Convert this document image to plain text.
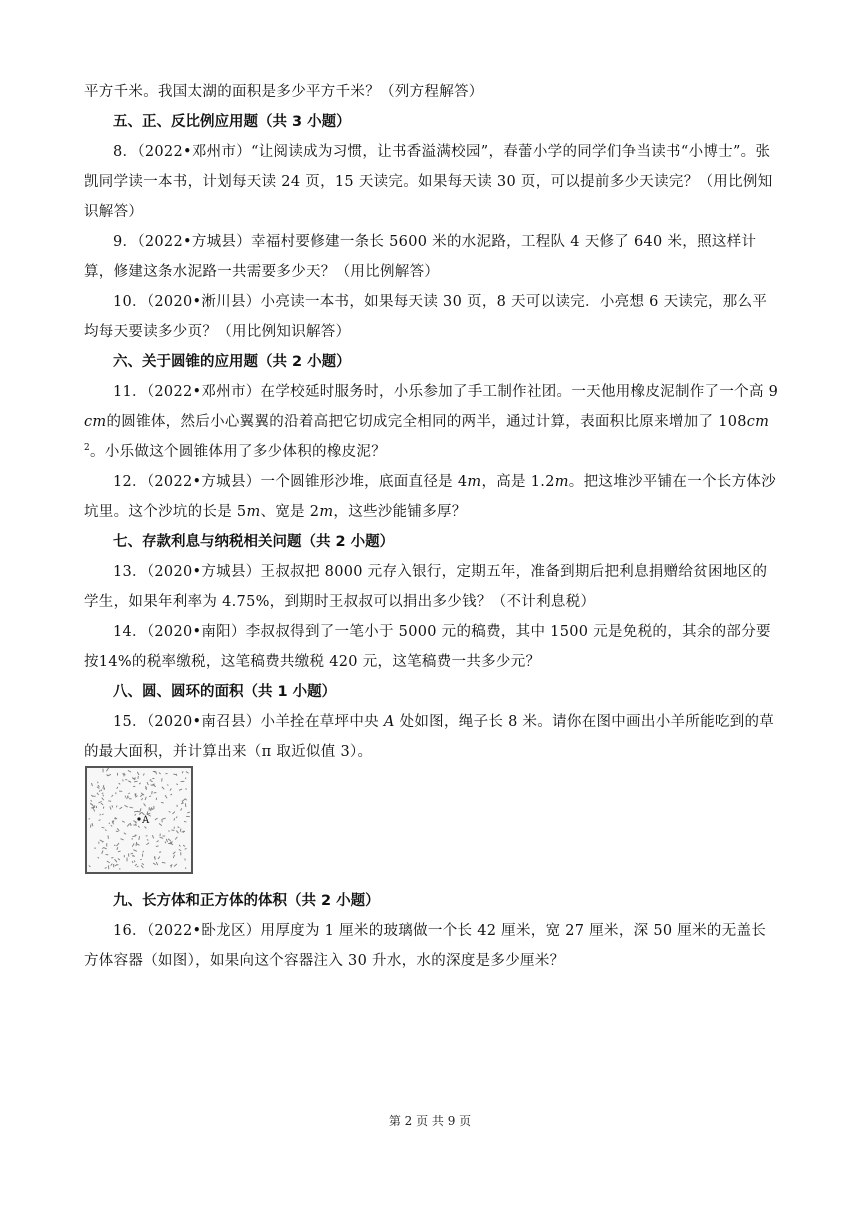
平方千米。我国太湖的面积是多少平方千米？（列方程解答）

五、正、反比例应用题（共 3 小题）

8．（2022•邓州市）“让阅读成为习惯，让书香溢满校园”，春蕾小学的同学们争当读书“小博士”。张凯同学读一本书，计划每天读 24 页，15 天读完。如果每天读 30 页，可以提前多少天读完？（用比例知识解答）

9．（2022•方城县）幸福村要修建一条长 5600 米的水泥路，工程队 4 天修了 640 米，照这样计算，修建这条水泥路一共需要多少天？（用比例解答）

10．（2020•淅川县）小亮读一本书，如果每天读 30 页，8 天可以读完．小亮想 6 天读完，那么平均每天要读多少页？（用比例知识解答）

六、关于圆锥的应用题（共 2 小题）

11．（2022•邓州市）在学校延时服务时，小乐参加了手工制作社团。一天他用橡皮泥制作了一个高 9cm的圆锥体，然后小心翼翼的沿着高把它切成完全相同的两半，通过计算，表面积比原来增加了 $108cm^2$。小乐做这个圆锥体用了多少体积的橡皮泥？

12．（2022•方城县）一个圆锥形沙堆，底面直径是 4m，高是 1.2m。把这堆沙平铺在一个长方体沙坑里。这个沙坑的长是 5m、宽是 2m，这些沙能铺多厚？

七、存款利息与纳税相关问题（共 2 小题）

13．（2020•方城县）王叔叔把 8000 元存入银行，定期五年，准备到期后把利息捐赠给贫困地区的学生，如果年利率为 4.75%，到期时王叔叔可以捐出多少钱？（不计利息税）

14．（2020•南阳）李叔叔得到了一笔小于 5000 元的稿费，其中 1500 元是免税的，其余的部分要按14%的税率缴税，这笔稿费共缴税 420 元，这笔稿费一共多少元？

八、圆、圆环的面积（共 1 小题）

15．（2020•南召县）小羊拴在草坪中央 A 处如图，绳子长 8 米。请你在图中画出小羊所能吃到的草的最大面积，并计算出来（π 取近似值 3）。

A

九、长方体和正方体的体积（共 2 小题）

16．（2022•卧龙区）用厚度为 1 厘米的玻璃做一个长 42 厘米，宽 27 厘米，深 50 厘米的无盖长方体容器（如图），如果向这个容器注入 30 升水，水的深度是多少厘米？

第 2 页 共 9 页
